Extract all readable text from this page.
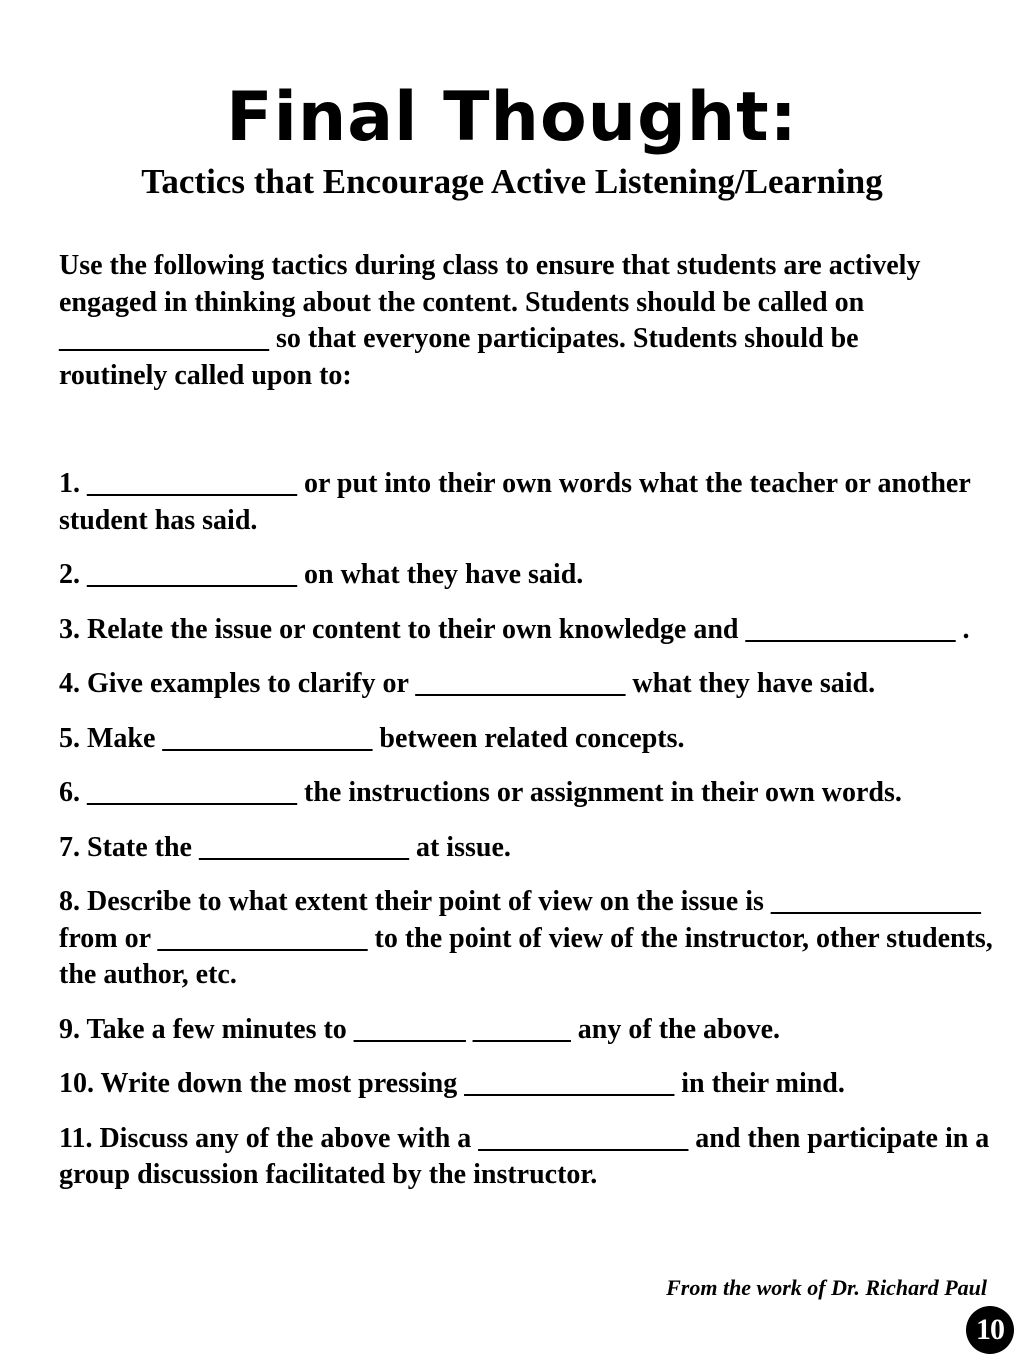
Final Thought:
Tactics that Encourage Active Listening/Learning

Use the following tactics during class to ensure that students are actively engaged in thinking about the content. Students should be called on _______________ so that everyone participates. Students should be routinely called upon to:

1. _______________ or put into their own words what the teacher or another student has said.
2. _______________ on what they have said.
3. Relate the issue or content to their own knowledge and _______________ .
4. Give examples to clarify or _______________ what they have said.
5. Make _______________ between related concepts.
6. _______________ the instructions or assignment in their own words.
7. State the _______________ at issue.
8. Describe to what extent their point of view on the issue is _______________ from or _______________ to the point of view of the instructor, other students, the author, etc.
9. Take a few minutes to ________ _______ any of the above.
10. Write down the most pressing _______________ in their mind.
11. Discuss any of the above with a _______________ and then participate in a group discussion facilitated by the instructor.

From the work of Dr. Richard Paul

10
